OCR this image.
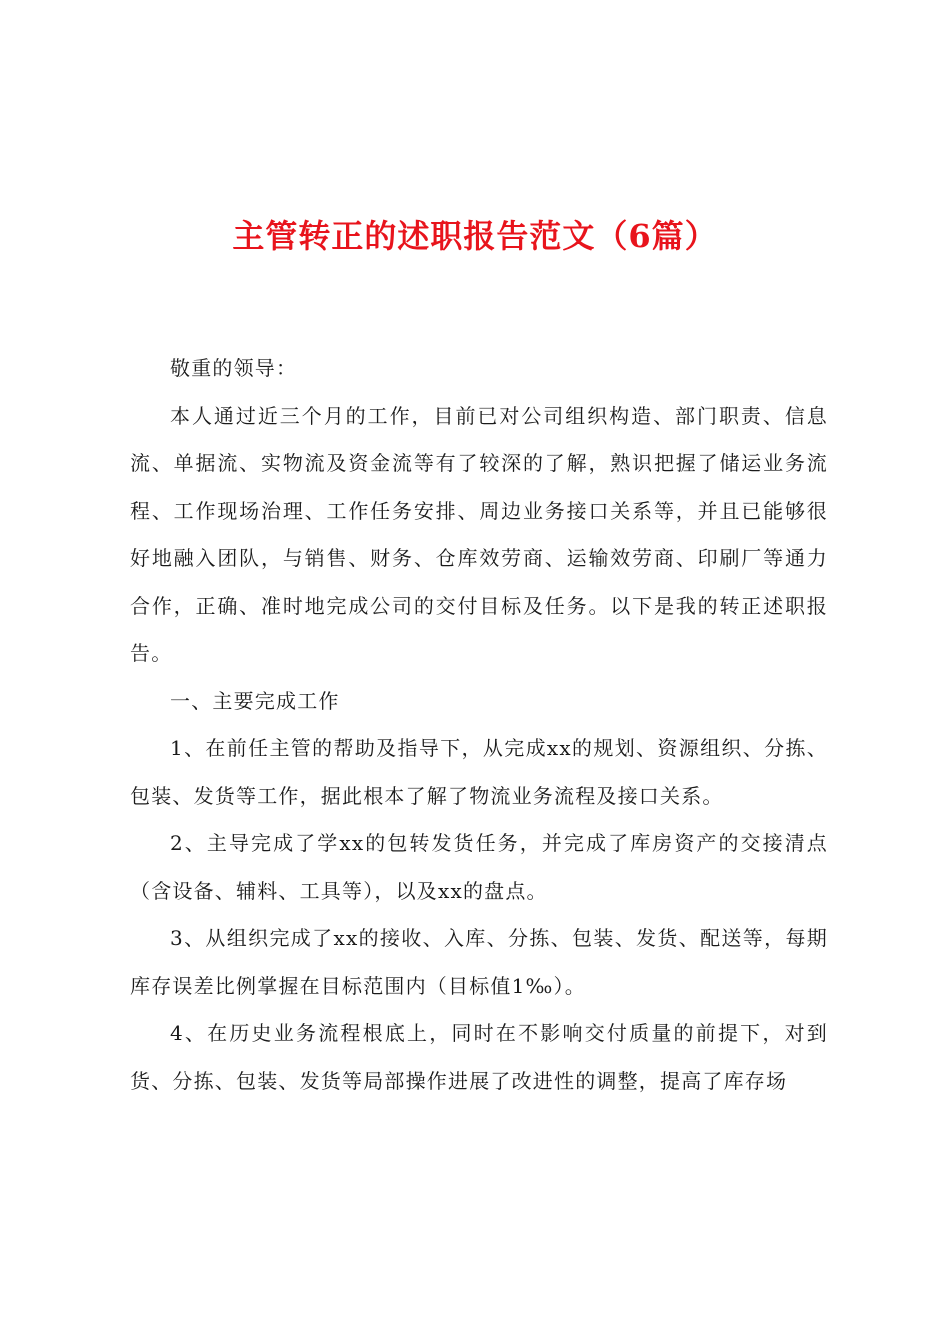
主管转正的述职报告范文（6篇）

敬重的领导：

本人通过近三个月的工作，目前已对公司组织构造、部门职责、信息流、单据流、实物流及资金流等有了较深的了解，熟识把握了储运业务流程、工作现场治理、工作任务安排、周边业务接口关系等，并且已能够很好地融入团队，与销售、财务、仓库效劳商、运输效劳商、印刷厂等通力合作，正确、准时地完成公司的交付目标及任务。以下是我的转正述职报告。

一、主要完成工作

1、在前任主管的帮助及指导下，从完成xx的规划、资源组织、分拣、包装、发货等工作，据此根本了解了物流业务流程及接口关系。

2、主导完成了学xx的包转发货任务，并完成了库房资产的交接清点（含设备、辅料、工具等），以及xx的盘点。

3、从组织完成了xx的接收、入库、分拣、包装、发货、配送等，每期库存误差比例掌握在目标范围内（目标值1‰）。

4、在历史业务流程根底上，同时在不影响交付质量的前提下，对到货、分拣、包装、发货等局部操作进展了改进性的调整，提高了库存场
